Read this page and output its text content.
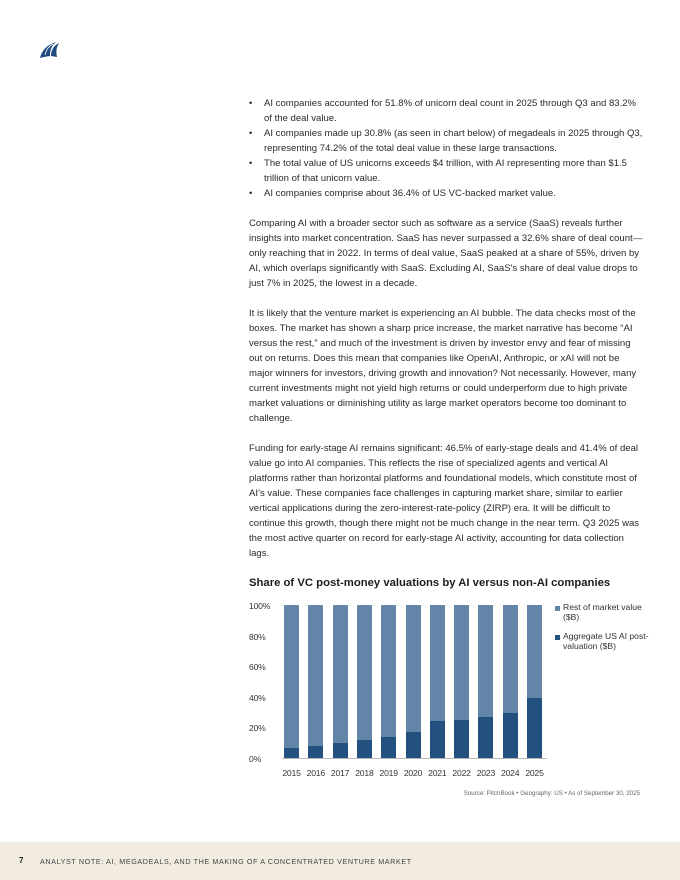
• AI companies accounted for 51.8% of unicorn deal count in 2025 through Q3 and 83.2% of the deal value.
• AI companies made up 30.8% (as seen in chart below) of megadeals in 2025 through Q3, representing 74.2% of the total deal value in these large transactions.
• The total value of US unicorns exceeds $4 trillion, with AI representing more than $1.5 trillion of that unicorn value.
• AI companies comprise about 36.4% of US VC-backed market value.

Comparing AI with a broader sector such as software as a service (SaaS) reveals further insights into market concentration. SaaS has never surpassed a 32.6% share of deal count—only reaching that in 2022. In terms of deal value, SaaS peaked at a share of 55%, driven by AI, which overlaps significantly with SaaS. Excluding AI, SaaS's share of deal value drops to just 7% in 2025, the lowest in a decade.

It is likely that the venture market is experiencing an AI bubble. The data checks most of the boxes. The market has shown a sharp price increase, the market narrative has become “AI versus the rest,” and much of the investment is driven by investor envy and fear of missing out on returns. Does this mean that companies like OpenAI, Anthropic, or xAI will not be major winners for investors, driving growth and innovation? Not necessarily. However, many current investments might not yield high returns or could underperform due to high private market valuations or diminishing utility as large market operators become too dominant to challenge.

Funding for early-stage AI remains significant: 46.5% of early-stage deals and 41.4% of deal value go into AI companies. This reflects the rise of specialized agents and vertical AI platforms rather than horizontal platforms and foundational models, which constitute most of AI’s value. These companies face challenges in capturing market share, similar to earlier vertical applications during the zero-interest-rate-policy (ZIRP) era. It will be difficult to continue this growth, though there might not be much change in the near term. Q3 2025 was the most active quarter on record for early-stage AI activity, accounting for data collection lags.

Share of VC post-money valuations by AI versus non-AI companies
100%
80%
60%
40%
20%
0%
2015 2016 2017 2018 2019 2020 2021 2022 2023 2024 2025
Rest of market value ($B)
Aggregate US AI post-valuation ($B)
Source: PitchBook • Geography: US • As of September 30, 2025
7 ANALYST NOTE: AI, MEGADEALS, AND THE MAKING OF A CONCENTRATED VENTURE MARKET
